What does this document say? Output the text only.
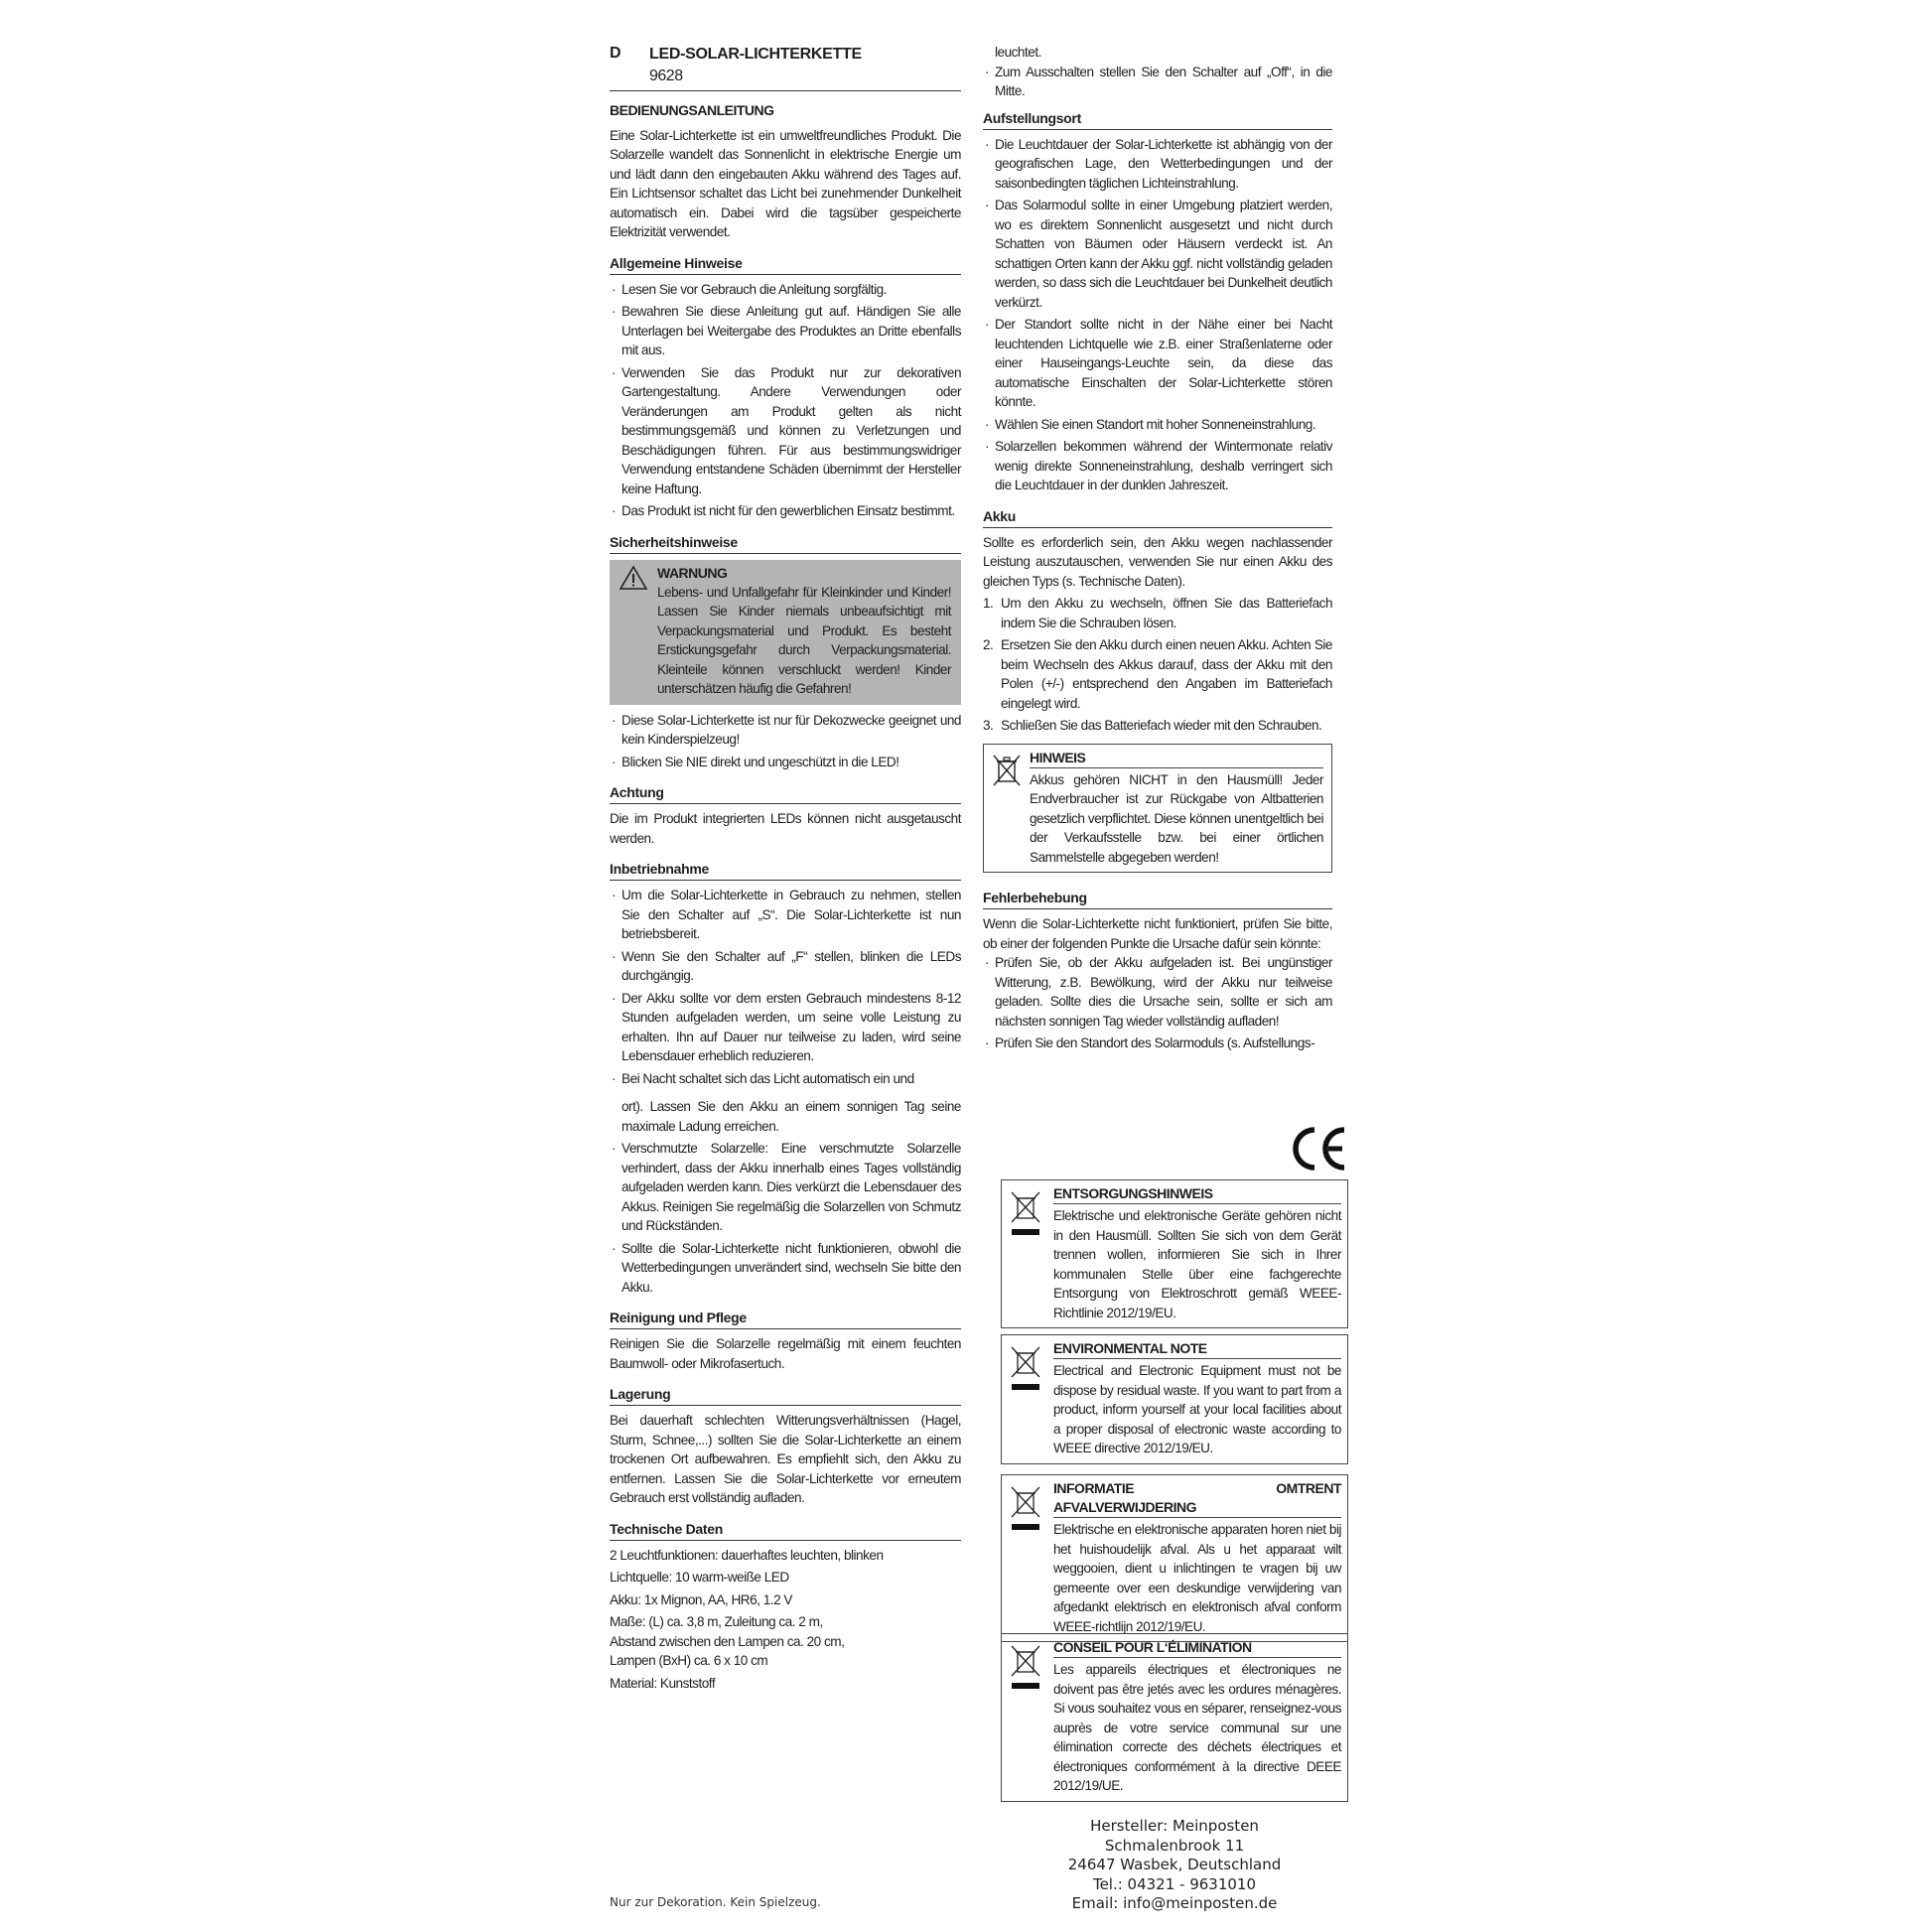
D LED-SOLAR-LICHTERKETTE
9628
BEDIENUNGSANLEITUNG
Eine Solar-Lichterkette ist ein umweltfreundliches Produkt. Die Solarzelle wandelt das Sonnenlicht in elektrische Energie um und lädt dann den eingebauten Akku während des Tages auf. Ein Lichtsensor schaltet das Licht bei zunehmender Dunkelheit automatisch ein. Dabei wird die tagsüber gespeicherte Elektrizität verwendet.
Allgemeine Hinweise
· Lesen Sie vor Gebrauch die Anleitung sorgfältig.
· Bewahren Sie diese Anleitung gut auf. Händigen Sie alle Unterlagen bei Weitergabe des Produktes an Dritte ebenfalls mit aus.
· Verwenden Sie das Produkt nur zur dekorativen Gartengestaltung. Andere Verwendungen oder Veränderungen am Produkt gelten als nicht bestimmungsgemäß und können zu Verletzungen und Beschädigungen führen. Für aus bestimmungswidriger Verwendung entstandene Schäden übernimmt der Hersteller keine Haftung.
· Das Produkt ist nicht für den gewerblichen Einsatz bestimmt.
Sicherheitshinweise
WARNUNG
Lebens- und Unfallgefahr für Kleinkinder und Kinder! Lassen Sie Kinder niemals unbeaufsichtigt mit Verpackungsmaterial und Produkt. Es besteht Erstickungsgefahr durch Verpackungsmaterial. Kleinteile können verschluckt werden! Kinder unterschätzen häufig die Gefahren!
· Diese Solar-Lichterkette ist nur für Dekozwecke geeignet und kein Kinderspielzeug!
· Blicken Sie NIE direkt und ungeschützt in die LED!
Achtung
Die im Produkt integrierten LEDs können nicht ausgetauscht werden.
Inbetriebnahme
· Um die Solar-Lichterkette in Gebrauch zu nehmen, stellen Sie den Schalter auf „S“. Die Solar-Lichterkette ist nun betriebsbereit.
· Wenn Sie den Schalter auf „F“ stellen, blinken die LEDs durchgängig.
· Der Akku sollte vor dem ersten Gebrauch mindestens 8-12 Stunden aufgeladen werden, um seine volle Leistung zu erhalten. Ihn auf Dauer nur teilweise zu laden, wird seine Lebensdauer erheblich reduzieren.
· Bei Nacht schaltet sich das Licht automatisch ein und
ort). Lassen Sie den Akku an einem sonnigen Tag seine maximale Ladung erreichen.
· Verschmutzte Solarzelle: Eine verschmutzte Solarzelle verhindert, dass der Akku innerhalb eines Tages vollständig aufgeladen werden kann. Dies verkürzt die Lebensdauer des Akkus. Reinigen Sie regelmäßig die Solarzellen von Schmutz und Rückständen.
· Sollte die Solar-Lichterkette nicht funktionieren, obwohl die Wetterbedingungen unverändert sind, wechseln Sie bitte den Akku.
Reinigung und Pflege
Reinigen Sie die Solarzelle regelmäßig mit einem feuchten Baumwoll- oder Mikrofasertuch.
Lagerung
Bei dauerhaft schlechten Witterungsverhältnissen (Hagel, Sturm, Schnee,...) sollten Sie die Solar-Lichterkette an einem trockenen Ort aufbewahren. Es empfiehlt sich, den Akku zu entfernen. Lassen Sie die Solar-Lichterkette vor erneutem Gebrauch erst vollständig aufladen.
Technische Daten
2 Leuchtfunktionen: dauerhaftes leuchten, blinken
Lichtquelle: 10 warm-weiße LED
Akku: 1x Mignon, AA, HR6, 1.2 V
Maße: (L) ca. 3,8 m, Zuleitung ca. 2 m,
Abstand zwischen den Lampen ca. 20 cm,
Lampen (BxH) ca. 6 x 10 cm
Material: Kunststoff
leuchtet.
· Zum Ausschalten stellen Sie den Schalter auf „Off“, in die Mitte.
Aufstellungsort
· Die Leuchtdauer der Solar-Lichterkette ist abhängig von der geografischen Lage, den Wetterbedingungen und der saisonbedingten täglichen Lichteinstrahlung.
· Das Solarmodul sollte in einer Umgebung platziert werden, wo es direktem Sonnenlicht ausgesetzt und nicht durch Schatten von Bäumen oder Häusern verdeckt ist. An schattigen Orten kann der Akku ggf. nicht vollständig geladen werden, so dass sich die Leuchtdauer bei Dunkelheit deutlich verkürzt.
· Der Standort sollte nicht in der Nähe einer bei Nacht leuchtenden Lichtquelle wie z.B. einer Straßenlaterne oder einer Hauseingangs-Leuchte sein, da diese das automatische Einschalten der Solar-Lichterkette stören könnte.
· Wählen Sie einen Standort mit hoher Sonneneinstrahlung.
· Solarzellen bekommen während der Wintermonate relativ wenig direkte Sonneneinstrahlung, deshalb verringert sich die Leuchtdauer in der dunklen Jahreszeit.
Akku
Sollte es erforderlich sein, den Akku wegen nachlassender Leistung auszutauschen, verwenden Sie nur einen Akku des gleichen Typs (s. Technische Daten).
1. Um den Akku zu wechseln, öffnen Sie das Batteriefach indem Sie die Schrauben lösen.
2. Ersetzen Sie den Akku durch einen neuen Akku. Achten Sie beim Wechseln des Akkus darauf, dass der Akku mit den Polen (+/-) entsprechend den Angaben im Batteriefach eingelegt wird.
3. Schließen Sie das Batteriefach wieder mit den Schrauben.
HINWEIS
Akkus gehören NICHT in den Hausmüll! Jeder Endverbraucher ist zur Rückgabe von Altbatterien gesetzlich verpflichtet. Diese können unentgeltlich bei der Verkaufsstelle bzw. bei einer örtlichen Sammelstelle abgegeben werden!
Fehlerbehebung
Wenn die Solar-Lichterkette nicht funktioniert, prüfen Sie bitte, ob einer der folgenden Punkte die Ursache dafür sein könnte:
· Prüfen Sie, ob der Akku aufgeladen ist. Bei ungünstiger Witterung, z.B. Bewölkung, wird der Akku nur teilweise geladen. Sollte dies die Ursache sein, sollte er sich am nächsten sonnigen Tag wieder vollständig aufladen!
· Prüfen Sie den Standort des Solarmoduls (s. Aufstellungs-
ENTSORGUNGSHINWEIS
Elektrische und elektronische Geräte gehören nicht in den Hausmüll. Sollten Sie sich von dem Gerät trennen wollen, informieren Sie sich in Ihrer kommunalen Stelle über eine fachgerechte Entsorgung von Elektroschrott gemäß WEEE-Richtlinie 2012/19/EU.
ENVIRONMENTAL NOTE
Electrical and Electronic Equipment must not be dispose by residual waste. If you want to part from a product, inform yourself at your local facilities about a proper disposal of electronic waste according to WEEE directive 2012/19/EU.
INFORMATIE OMTRENT AFVALVERWIJDERING
Elektrische en elektronische apparaten horen niet bij het huishoudelijk afval. Als u het apparaat wilt weggooien, dient u inlichtingen te vragen bij uw gemeente over een deskundige verwijdering van afgedankt elektrisch en elektronisch afval conform WEEE-richtlijn 2012/19/EU.
CONSEIL POUR L‘ÉLIMINATION
Les appareils électriques et électroniques ne doivent pas être jetés avec les ordures ménagères. Si vous souhaitez vous en séparer, renseignez-vous auprès de votre service communal sur une élimination correcte des déchets électriques et électroniques conformément à la directive DEEE 2012/19/UE.
Hersteller: Meinposten
Schmalenbrook 11
24647 Wasbek, Deutschland
Tel.: 04321 - 9631010
Email: info@meinposten.de
Nur zur Dekoration. Kein Spielzeug.
